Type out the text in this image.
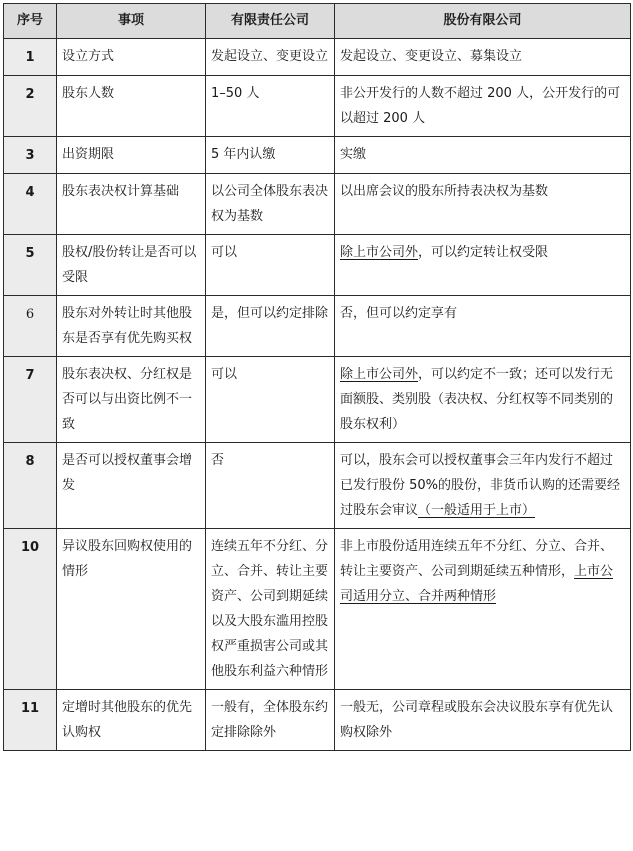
序号	事项	有限责任公司	股份有限公司
1	设立方式	发起设立、变更设立	发起设立、变更设立、募集设立
2	股东人数	1–50 人	非公开发行的人数不超过 200 人，公开发行的可以超过 200 人
3	出资期限	5 年内认缴	实缴
4	股东表决权计算基础	以公司全体股东表决权为基数	以出席会议的股东所持表决权为基数
5	股权/股份转让是否可以受限	可以	除上市公司外，可以约定转让权受限
6	股东对外转让时其他股东是否享有优先购买权	是，但可以约定排除	否，但可以约定享有
7	股东表决权、分红权是否可以与出资比例不一致	可以	除上市公司外，可以约定不一致；还可以发行无面额股、类别股（表决权、分红权等不同类别的股东权利）
8	是否可以授权董事会增发	否	可以，股东会可以授权董事会三年内发行不超过已发行股份 50%的股份，非货币认购的还需要经过股东会审议（一般适用于上市）
10	异议股东回购权使用的情形	连续五年不分红、分立、合并、转让主要资产、公司到期延续以及大股东滥用控股权严重损害公司或其他股东利益六种情形	非上市股份适用连续五年不分红、分立、合并、转让主要资产、公司到期延续五种情形，上市公司适用分立、合并两种情形
11	定增时其他股东的优先认购权	一般有，全体股东约定排除除外	一般无，公司章程或股东会决议股东享有优先认购权除外
